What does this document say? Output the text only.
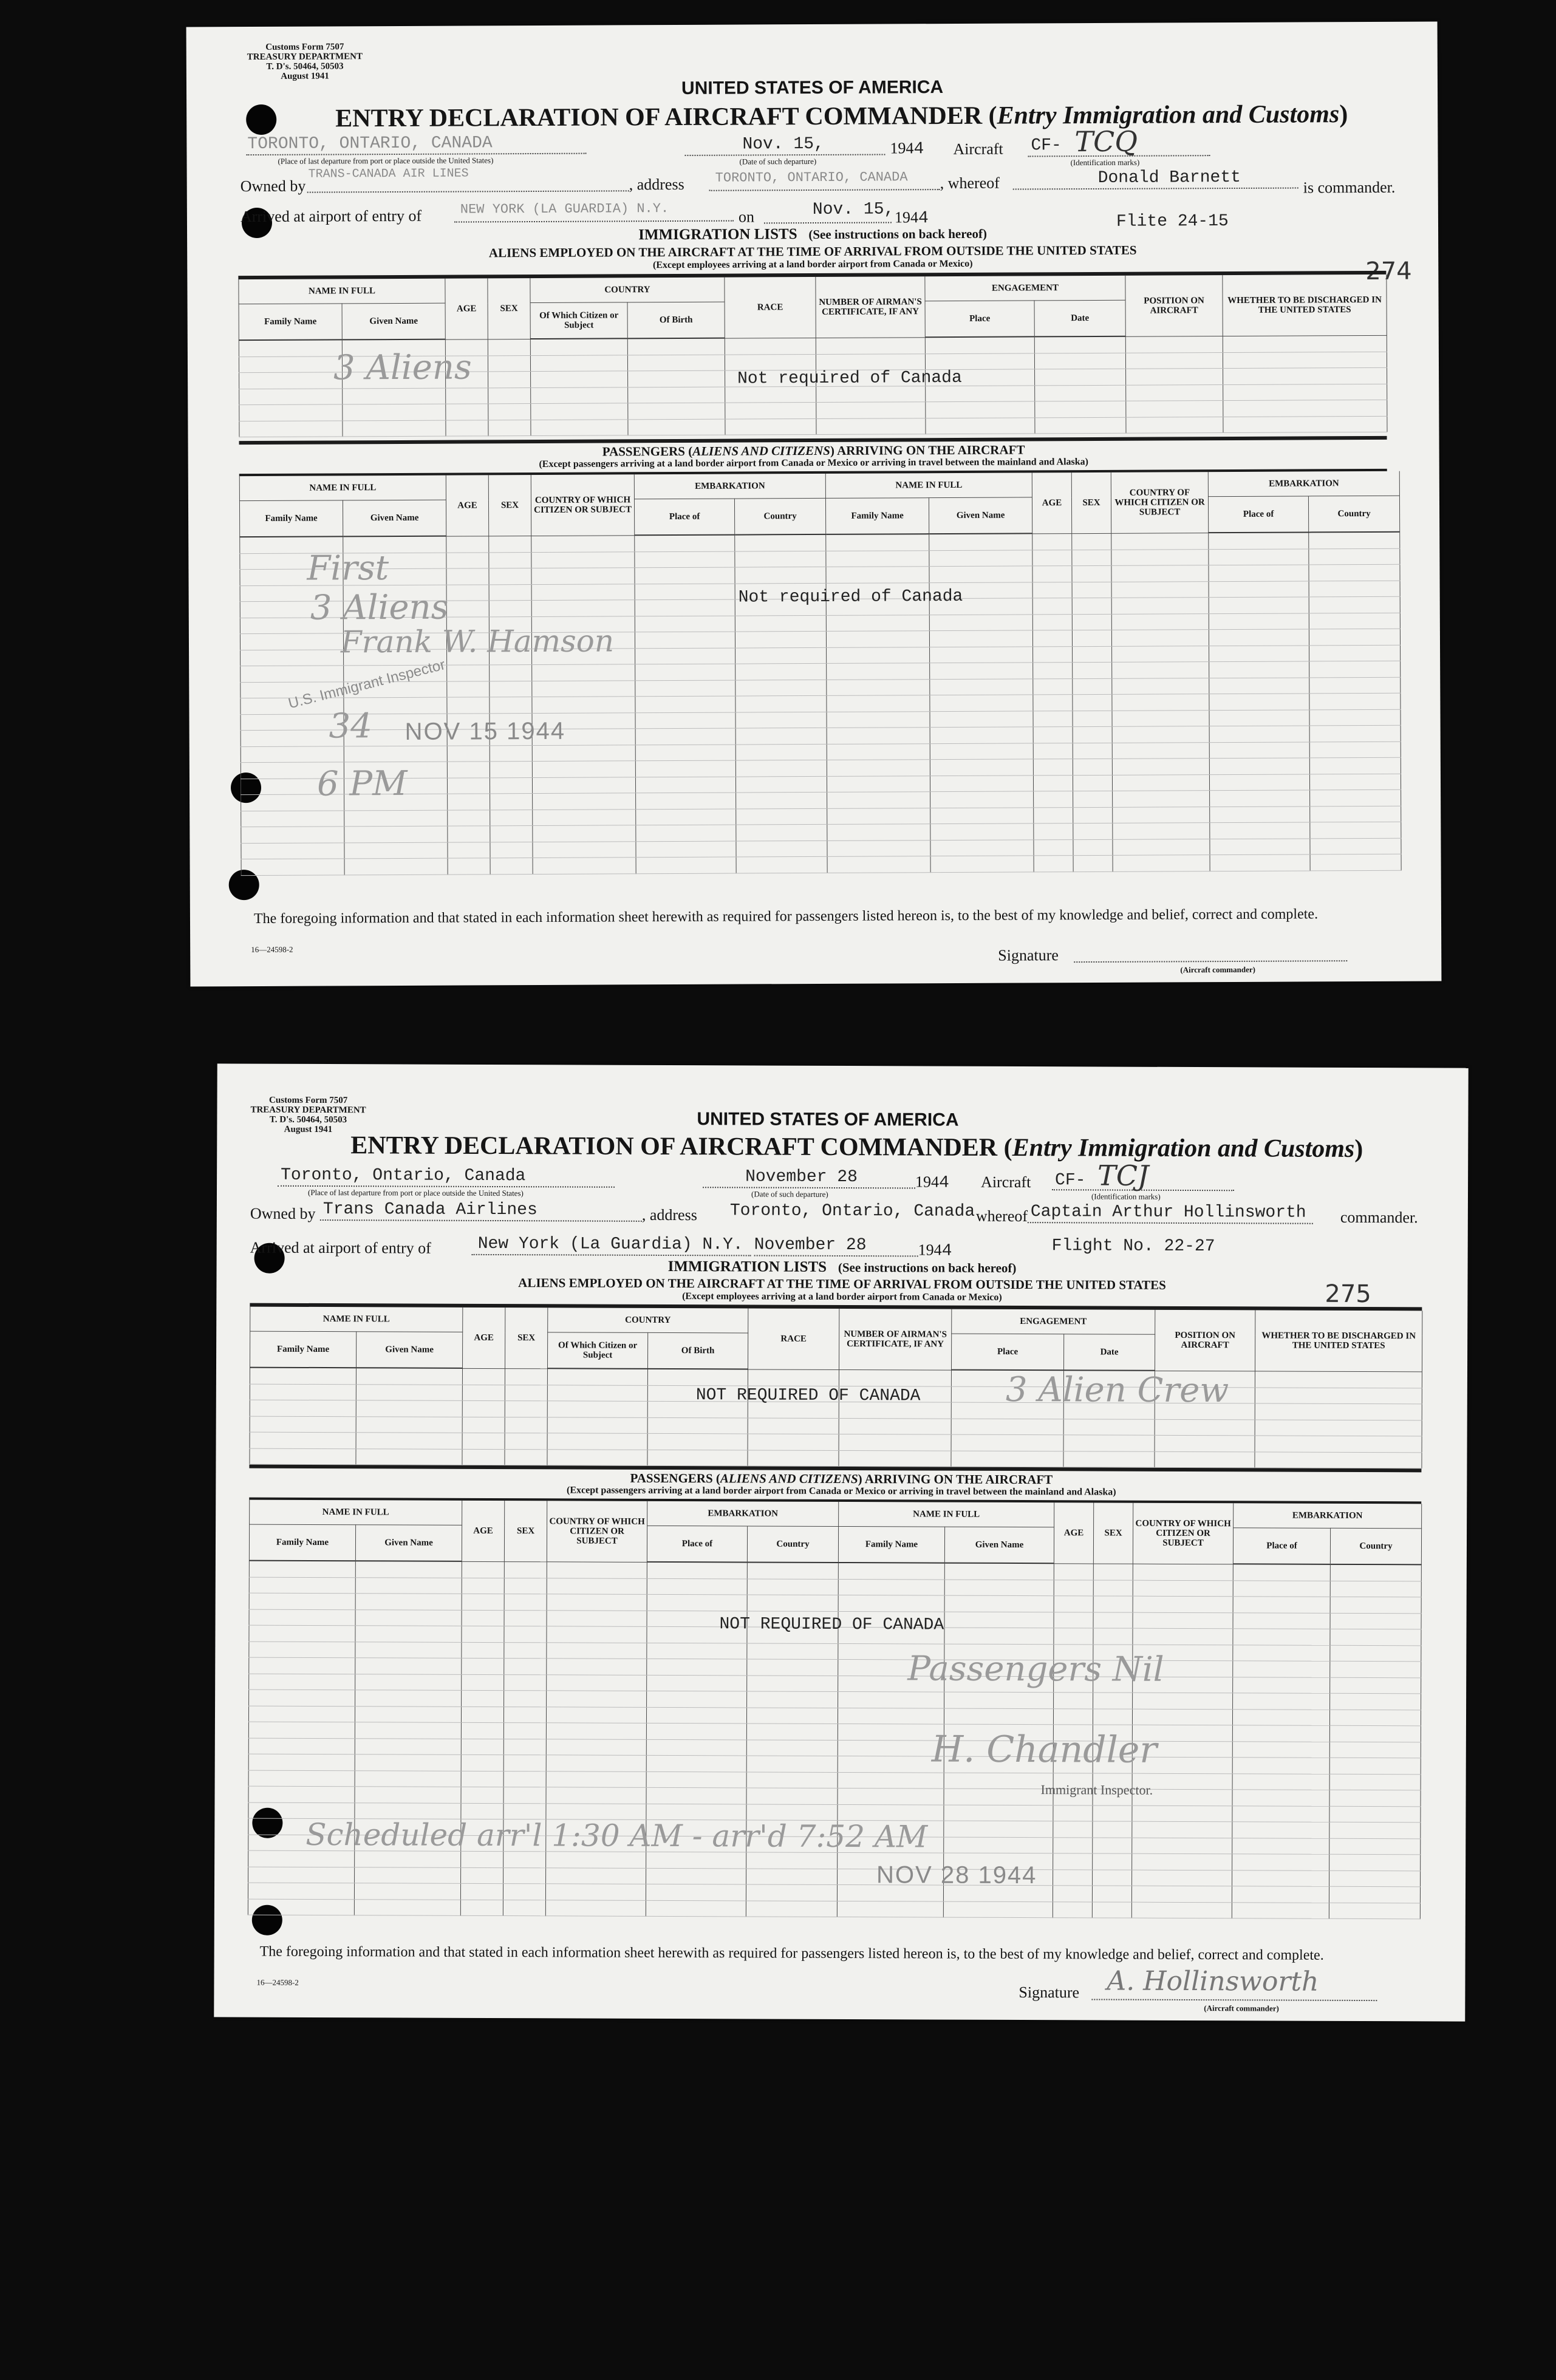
Customs Form 7507
TREASURY DEPARTMENT
T. D's. 50464, 50503
August 1941
UNITED STATES OF AMERICA
ENTRY DECLARATION OF AIRCRAFT COMMANDER (Entry Immigration and Customs)
TORONTO, ONTARIO, CANADA
(Place of last departure from port or place outside the United States)
Nov. 15,
(Date of such departure)
1944 Aircraft CF- TCQ
(Identification marks)
Owned by
TRANS-CANADA AIR LINES
, address TORONTO, ONTARIO, CANADA , whereof	Donald Barnett	is commander.
Arrived at airport of entry of	NEW YORK (LA GUARDIA) N.Y.	on	Nov. 15, 1944	Flite 24-15
IMMIGRATION LISTS (See instructions on back hereof)
ALIENS EMPLOYED ON THE AIRCRAFT AT THE TIME OF ARRIVAL FROM OUTSIDE THE UNITED STATES
(Except employees arriving at a land border airport from Canada or Mexico)	274
NAME IN FULL		AGE	SEX	COUNTRY		RACE	NUMBER OF AIRMAN'S CERTIFICATE, IF ANY	ENGAGEMENT		POSITION ON AIRCRAFT	WHETHER TO BE DISCHARGED IN THE UNITED STATES
Family Name	Given Name			Of Which Citizen or Subject	Of Birth			Place	Date		

Not required of Canada
3 Aliens
PASSENGERS (ALIENS AND CITIZENS) ARRIVING ON THE AIRCRAFT
(Except passengers arriving at a land border airport from Canada or Mexico or arriving in travel between the mainland and Alaska)
NAME IN FULL		AGE	SEX	COUNTRY OF WHICH CITIZEN OR SUBJECT	EMBARKATION		NAME IN FULL		AGE	SEX	COUNTRY OF WHICH CITIZEN OR SUBJECT	EMBARKATION	
Family Name	Given Name				Place of	Country	Family Name	Given Name				Place of	Country

Not required of Canada
First
3 Aliens
Frank W. Hamson
U.S. Immigrant Inspector
34 NOV 15 1944
6 PM
The foregoing information and that stated in each information sheet herewith as required for passengers listed hereon is, to the best of my knowledge and belief, correct and complete.
16—24598-2	Signature
(Aircraft commander)
Customs Form 7507
TREASURY DEPARTMENT
T. D's. 50464, 50503
August 1941	UNITED STATES OF AMERICA
ENTRY DECLARATION OF AIRCRAFT COMMANDER (Entry Immigration and Customs)
Toronto, Ontario, Canada
(Place of last departure from port or place outside the United States)
November 28
(Date of such departure)
1944 Aircraft CF- TCJ
(Identification marks)
Owned by Trans Canada Airlines	, address Toronto, Ontario, Canada whereof Captain Arthur Hollinsworth commander.
Arrived at airport of entry of	New York (La Guardia) N.Y. November 28	1944	Flight No. 22-27
IMMIGRATION LISTS (See instructions on back hereof)
ALIENS EMPLOYED ON THE AIRCRAFT AT THE TIME OF ARRIVAL FROM OUTSIDE THE UNITED STATES
(Except employees arriving at a land border airport from Canada or Mexico)	275
NAME IN FULL		AGE	SEX	COUNTRY		RACE	NUMBER OF AIRMAN'S CERTIFICATE, IF ANY	ENGAGEMENT		POSITION ON AIRCRAFT	WHETHER TO BE DISCHARGED IN THE UNITED STATES
Family Name	Given Name			Of Which Citizen or Subject	Of Birth			Place	Date		

NOT REQUIRED OF CANADA	3 Alien Crew
PASSENGERS (ALIENS AND CITIZENS) ARRIVING ON THE AIRCRAFT
(Except passengers arriving at a land border airport from Canada or Mexico or arriving in travel between the mainland and Alaska)
NAME IN FULL		AGE	SEX	COUNTRY OF WHICH CITIZEN OR SUBJECT	EMBARKATION		NAME IN FULL		AGE	SEX	COUNTRY OF WHICH CITIZEN OR SUBJECT	EMBARKATION	
Family Name	Given Name				Place of	Country	Family Name	Given Name				Place of	Country

NOT REQUIRED OF CANADA
Passengers Nil
H. Chandler
Immigrant Inspector.
Scheduled arr'l 1:30 AM - arr'd 7:52 AM
NOV 28 1944
The foregoing information and that stated in each information sheet herewith as required for passengers listed hereon is, to the best of my knowledge and belief, correct and complete.
16—24598-2
Signature A. Hollinsworth
(Aircraft commander)
